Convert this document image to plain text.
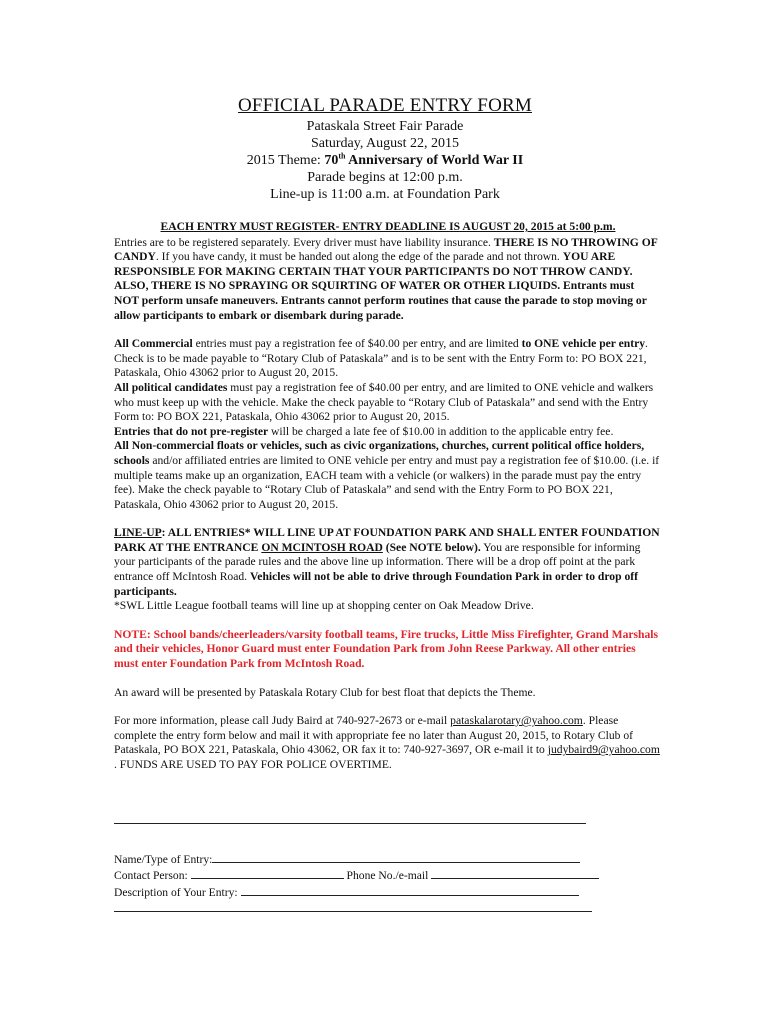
OFFICIAL PARADE ENTRY FORM
Pataskala Street Fair Parade
Saturday, August 22, 2015
2015 Theme: 70th Anniversary of World War II
Parade begins at 12:00 p.m.
Line-up is 11:00 a.m. at Foundation Park
EACH ENTRY MUST REGISTER- ENTRY DEADLINE IS AUGUST 20, 2015 at 5:00 p.m.

Entries are to be registered separately. Every driver must have liability insurance. THERE IS NO THROWING OF CANDY. If you have candy, it must be handed out along the edge of the parade and not thrown. YOU ARE RESPONSIBLE FOR MAKING CERTAIN THAT YOUR PARTICIPANTS DO NOT THROW CANDY. ALSO, THERE IS NO SPRAYING OR SQUIRTING OF WATER OR OTHER LIQUIDS. Entrants must NOT perform unsafe maneuvers. Entrants cannot perform routines that cause the parade to stop moving or allow participants to embark or disembark during parade.

All Commercial entries must pay a registration fee of $40.00 per entry, and are limited to ONE vehicle per entry. Check is to be made payable to “Rotary Club of Pataskala” and is to be sent with the Entry Form to: PO BOX 221, Pataskala, Ohio 43062 prior to August 20, 2015.

All political candidates must pay a registration fee of $40.00 per entry, and are limited to ONE vehicle and walkers who must keep up with the vehicle. Make the check payable to “Rotary Club of Pataskala” and send with the Entry Form to: PO BOX 221, Pataskala, Ohio 43062 prior to August 20, 2015.

Entries that do not pre-register will be charged a late fee of $10.00 in addition to the applicable entry fee.

All Non-commercial floats or vehicles, such as civic organizations, churches, current political office holders, schools and/or affiliated entries are limited to ONE vehicle per entry and must pay a registration fee of $10.00. (i.e. if multiple teams make up an organization, EACH team with a vehicle (or walkers) in the parade must pay the entry fee). Make the check payable to “Rotary Club of Pataskala” and send with the Entry Form to PO BOX 221, Pataskala, Ohio 43062 prior to August 20, 2015.

LINE-UP: ALL ENTRIES* WILL LINE UP AT FOUNDATION PARK AND SHALL ENTER FOUNDATION PARK AT THE ENTRANCE ON MCINTOSH ROAD (See NOTE below). You are responsible for informing your participants of the parade rules and the above line up information. There will be a drop off point at the park entrance off McIntosh Road. Vehicles will not be able to drive through Foundation Park in order to drop off participants.

*SWL Little League football teams will line up at shopping center on Oak Meadow Drive.

NOTE: School bands/cheerleaders/varsity football teams, Fire trucks, Little Miss Firefighter, Grand Marshals and their vehicles, Honor Guard must enter Foundation Park from John Reese Parkway. All other entries must enter Foundation Park from McIntosh Road.

An award will be presented by Pataskala Rotary Club for best float that depicts the Theme.

For more information, please call Judy Baird at 740-927-2673 or e-mail pataskalarotary@yahoo.com. Please complete the entry form below and mail it with appropriate fee no later than August 20, 2015, to Rotary Club of Pataskala, PO BOX 221, Pataskala, Ohio 43062, OR fax it to: 740-927-3697, OR e-mail it to judybaird9@yahoo.com . FUNDS ARE USED TO PAY FOR POLICE OVERTIME.

Name/Type of Entry:
Contact Person:	Phone No./e-mail
Description of Your Entry:
